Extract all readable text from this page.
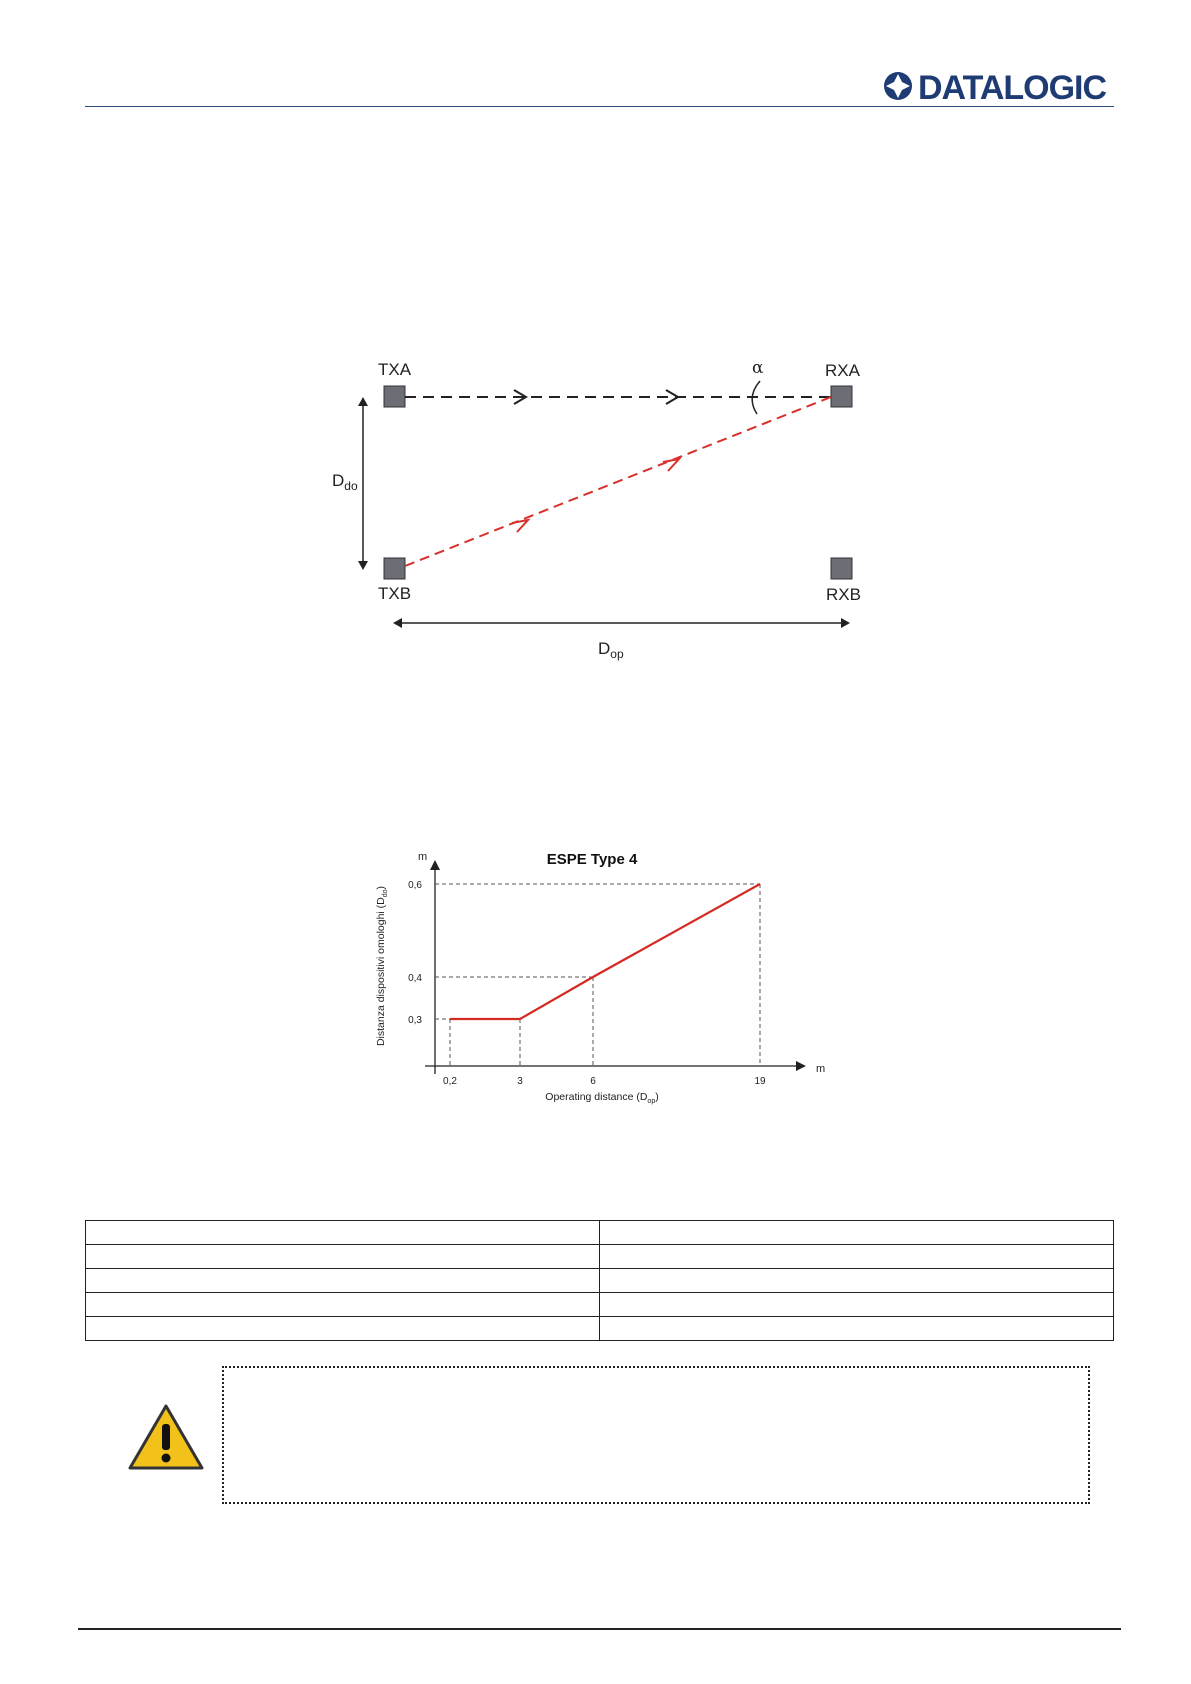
DATALOGIC
TXA	RXA
TXB	RXB
α
$D_{do}$
$D_{op}$
0,2	3	6	19
0,3
0,4
0,6
m
m	ESPE Type 4
Operating distance $(D_{op})$
Distanza dispositivi omologhi $(D_{do})$
